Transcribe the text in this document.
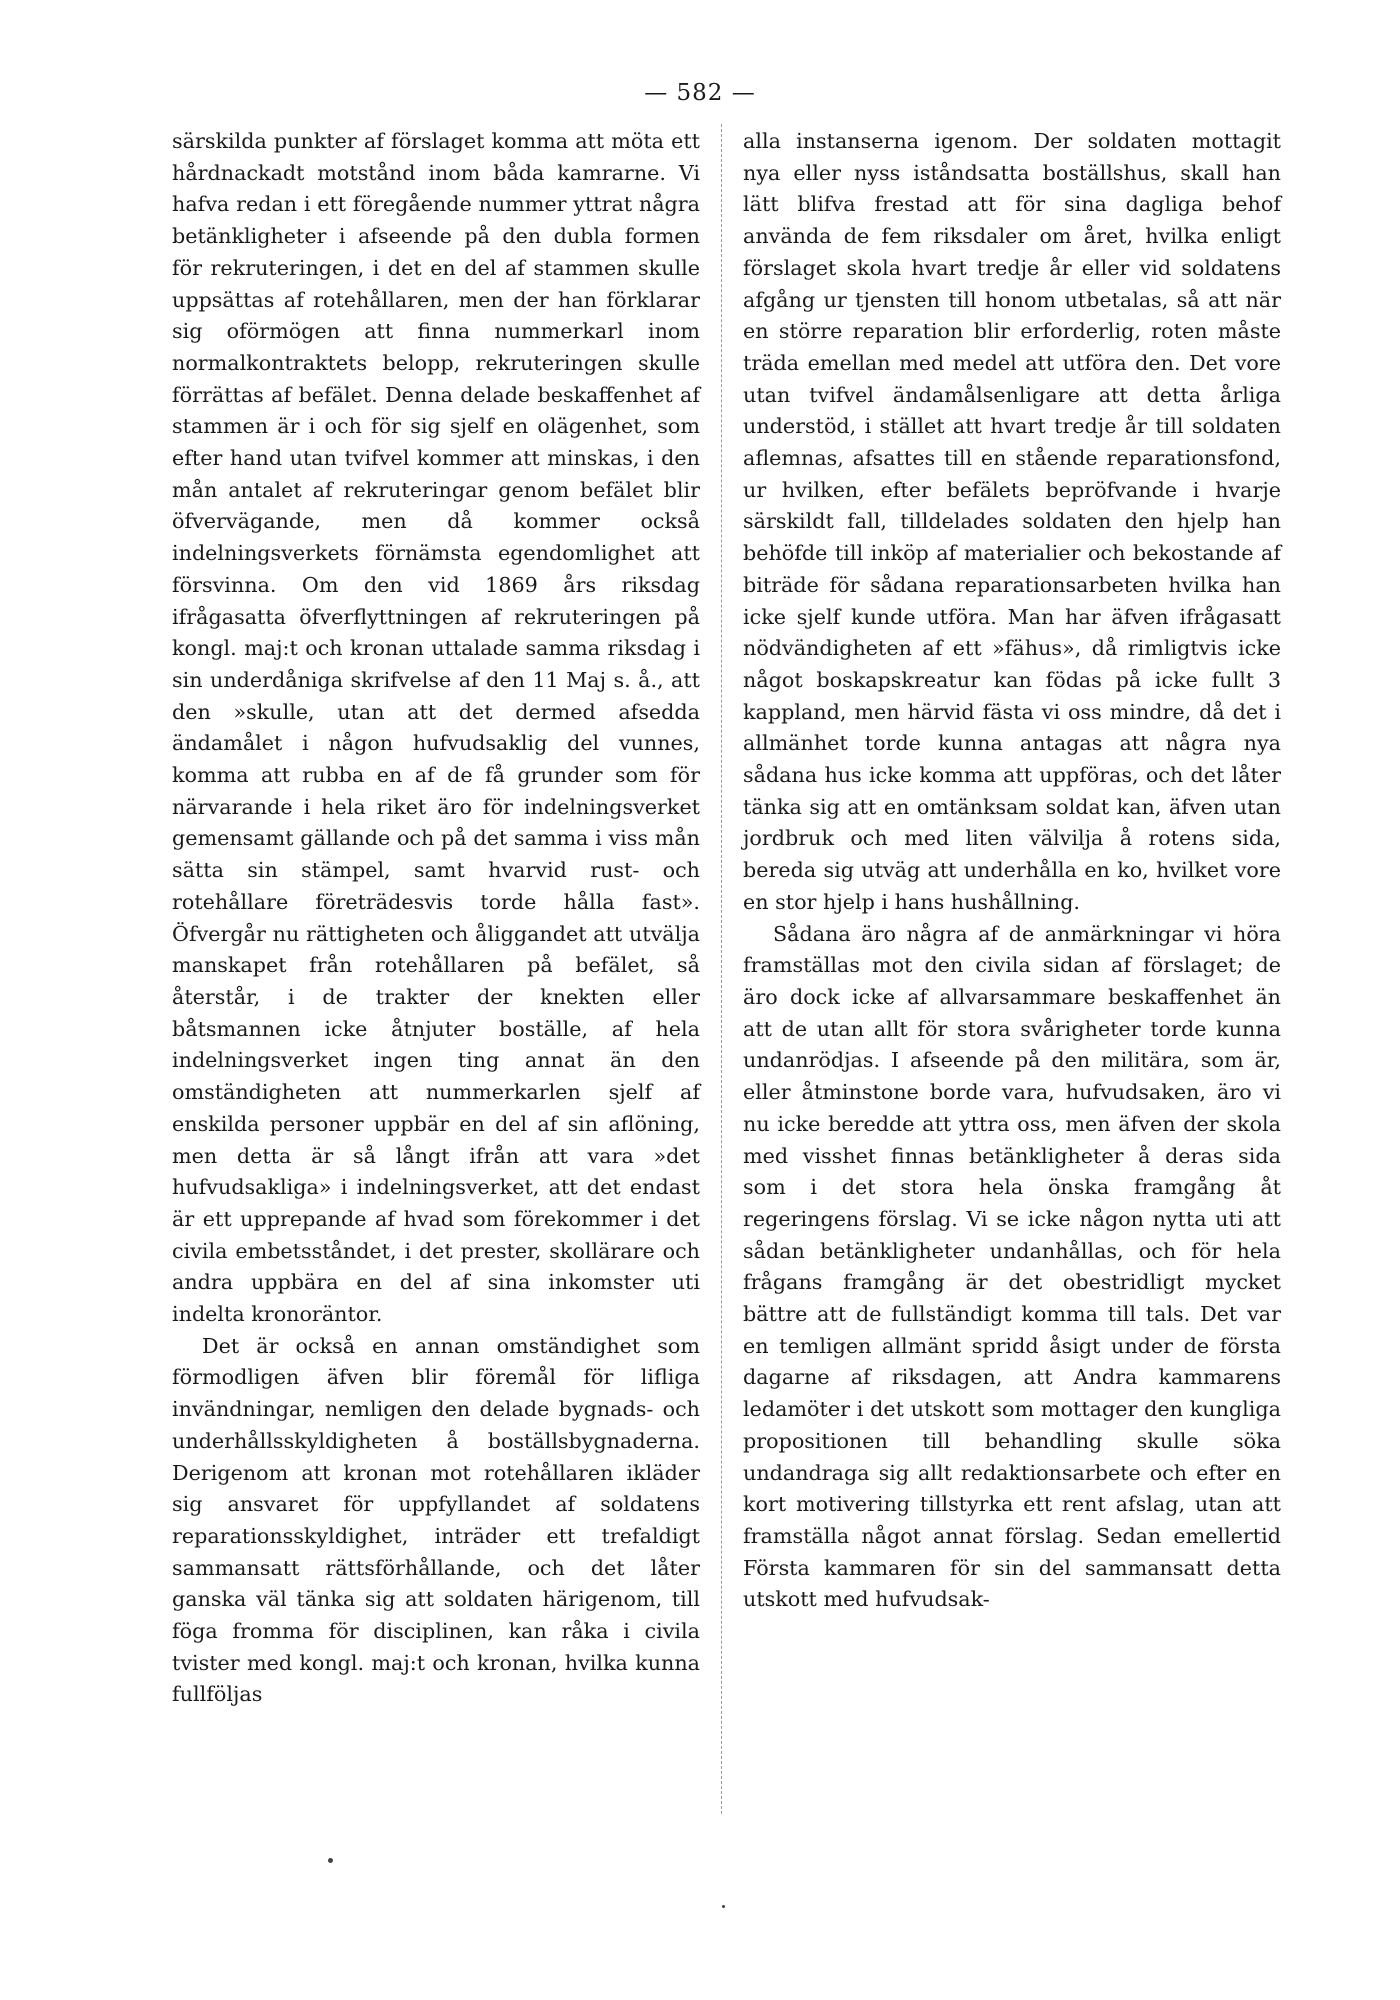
— 582 —

särskilda punkter af förslaget komma att möta ett hårdnackadt motstånd inom båda kamrarne. Vi hafva redan i ett föregående nummer yttrat några betänkligheter i afseende på den dubla formen för rekruteringen, i det en del af stammen skulle uppsättas af rotehållaren, men der han förklarar sig oförmögen att finna nummerkarl inom normalkontraktets belopp, rekruteringen skulle förrättas af befälet. Denna delade beskaffenhet af stammen är i och för sig sjelf en olägenhet, som efter hand utan tvifvel kommer att minskas, i den mån antalet af rekruteringar genom befälet blir öfvervägande, men då kommer också indelningsverkets förnämsta egendomlighet att försvinna. Om den vid 1869 års riksdag ifrågasatta öfverflyttningen af rekruteringen på kongl. maj:t och kronan uttalade samma riksdag i sin underdåniga skrifvelse af den 11 Maj s. å., att den »skulle, utan att det dermed afsedda ändamålet i någon hufvudsaklig del vunnes, komma att rubba en af de få grunder som för närvarande i hela riket äro för indelningsverket gemensamt gällande och på det samma i viss mån sätta sin stämpel, samt hvarvid rust- och rotehållare företrädesvis torde hålla fast». Öfvergår nu rättigheten och åliggandet att utvälja manskapet från rotehållaren på befälet, så återstår, i de trakter der knekten eller båtsmannen icke åtnjuter boställe, af hela indelningsverket ingen ting annat än den omständigheten att nummerkarlen sjelf af enskilda personer uppbär en del af sin aflöning, men detta är så långt ifrån att vara »det hufvudsakliga» i indelningsverket, att det endast är ett upprepande af hvad som förekommer i det civila embetsståndet, i det prester, skollärare och andra uppbära en del af sina inkomster uti indelta kronoräntor.

Det är också en annan omständighet som förmodligen äfven blir föremål för lifliga invändningar, nemligen den delade bygnads- och underhållsskyldigheten å boställsbygnaderna. Derigenom att kronan mot rotehållaren ikläder sig ansvaret för uppfyllandet af soldatens reparationsskyldighet, inträder ett trefaldigt sammansatt rättsförhållande, och det låter ganska väl tänka sig att soldaten härigenom, till föga fromma för disciplinen, kan råka i civila tvister med kongl. maj:t och kronan, hvilka kunna fullföljas

alla instanserna igenom. Der soldaten mottagit nya eller nyss iståndsatta boställshus, skall han lätt blifva frestad att för sina dagliga behof använda de fem riksdaler om året, hvilka enligt förslaget skola hvart tredje år eller vid soldatens afgång ur tjensten till honom utbetalas, så att när en större reparation blir erforderlig, roten måste träda emellan med medel att utföra den. Det vore utan tvifvel ändamålsenligare att detta årliga understöd, i stället att hvart tredje år till soldaten aflemnas, afsattes till en stående reparationsfond, ur hvilken, efter befälets bepröfvande i hvarje särskildt fall, tilldelades soldaten den hjelp han behöfde till inköp af materialier och bekostande af biträde för sådana reparationsarbeten hvilka han icke sjelf kunde utföra. Man har äfven ifrågasatt nödvändigheten af ett »fähus», då rimligtvis icke något boskapskreatur kan födas på icke fullt 3 kappland, men härvid fästa vi oss mindre, då det i allmänhet torde kunna antagas att några nya sådana hus icke komma att uppföras, och det låter tänka sig att en omtänksam soldat kan, äfven utan jordbruk och med liten välvilja å rotens sida, bereda sig utväg att underhålla en ko, hvilket vore en stor hjelp i hans hushållning.

Sådana äro några af de anmärkningar vi höra framställas mot den civila sidan af förslaget; de äro dock icke af allvarsammare beskaffenhet än att de utan allt för stora svårigheter torde kunna undanrödjas. I afseende på den militära, som är, eller åtminstone borde vara, hufvudsaken, äro vi nu icke beredde att yttra oss, men äfven der skola med visshet finnas betänkligheter å deras sida som i det stora hela önska framgång åt regeringens förslag. Vi se icke någon nytta uti att sådan betänkligheter undanhållas, och för hela frågans framgång är det obestridligt mycket bättre att de fullständigt komma till tals. Det var en temligen allmänt spridd åsigt under de första dagarne af riksdagen, att Andra kammarens ledamöter i det utskott som mottager den kungliga propositionen till behandling skulle söka undandraga sig allt redaktionsarbete och efter en kort motivering tillstyrka ett rent afslag, utan att framställa något annat förslag. Sedan emellertid Första kammaren för sin del sammansatt detta utskott med hufvudsak-
